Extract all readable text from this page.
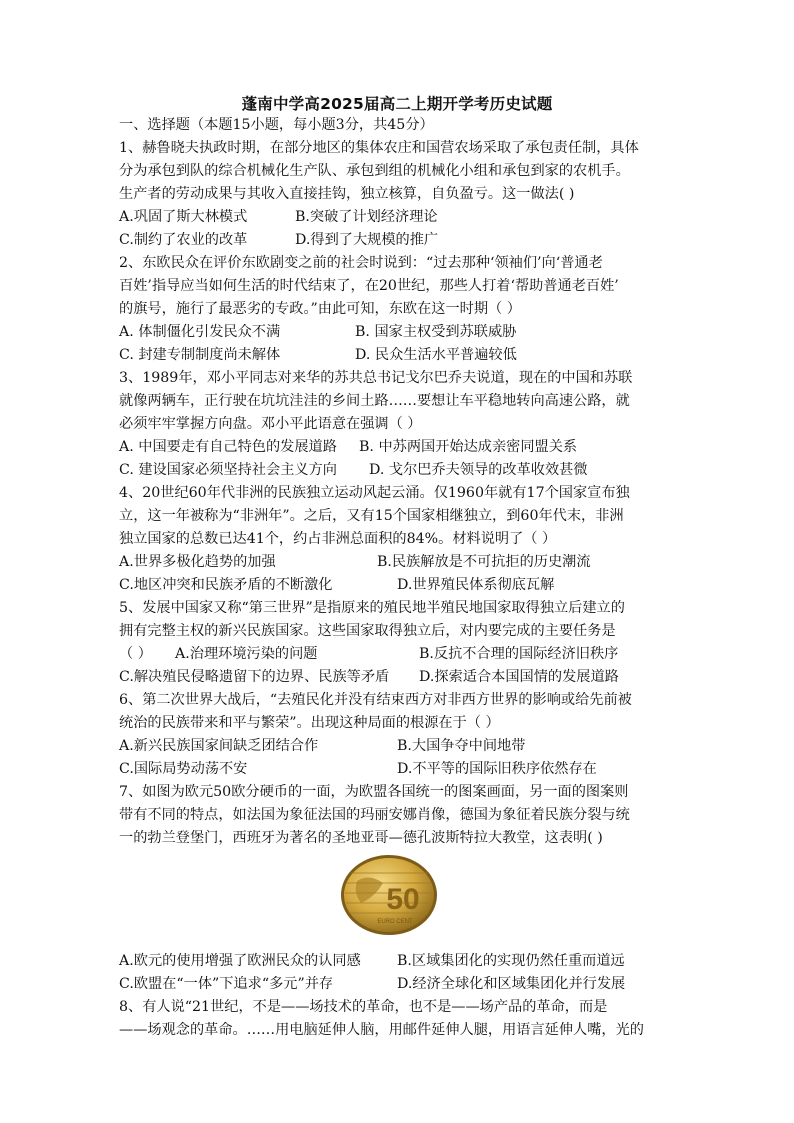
蓬南中学高2025届高二上期开学考历史试题
一、选择题（本题15小题，每小题3分，共45分）
1、赫鲁晓夫执政时期，在部分地区的集体农庄和国营农场采取了承包责任制，具体
分为承包到队的综合机械化生产队、承包到组的机械化小组和承包到家的农机手。
生产者的劳动成果与其收入直接挂钩，独立核算，自负盈亏。这一做法( )
A.巩固了斯大林模式	B.突破了计划经济理论
C.制约了农业的改革	D.得到了大规模的推广
2、东欧民众在评价东欧剧变之前的社会时说到：“过去那种‘领袖们’向‘普通老
百姓’指导应当如何生活的时代结束了，在20世纪，那些人打着‘帮助普通老百姓’
的旗号，施行了最恶劣的专政。”由此可知，东欧在这一时期（ ）
A. 体制僵化引发民众不满	B. 国家主权受到苏联威胁
C. 封建专制制度尚未解体	D. 民众生活水平普遍较低
3、1989年，邓小平同志对来华的苏共总书记戈尔巴乔夫说道，现在的中国和苏联
就像两辆车，正行驶在坑坑洼洼的乡间土路……要想让车平稳地转向高速公路，就
必须牢牢掌握方向盘。邓小平此语意在强调（ ）
A. 中国要走有自己特色的发展道路	B. 中苏两国开始达成亲密同盟关系
C. 建设国家必须坚持社会主义方向	D. 戈尔巴乔夫领导的改革收效甚微
4、20世纪60年代非洲的民族独立运动风起云涌。仅1960年就有17个国家宣布独
立，这一年被称为“非洲年”。之后，又有15个国家相继独立，到60年代末，非洲
独立国家的总数已达41个，约占非洲总面积的84%。材料说明了（ ）
A.世界多极化趋势的加强	B.民族解放是不可抗拒的历史潮流
C.地区冲突和民族矛盾的不断激化	D.世界殖民体系彻底瓦解
5、发展中国家又称“第三世界”是指原来的殖民地半殖民地国家取得独立后建立的
拥有完整主权的新兴民族国家。这些国家取得独立后，对内要完成的主要任务是
（ ）	A.治理环境污染的问题	B.反抗不合理的国际经济旧秩序
C.解决殖民侵略遗留下的边界、民族等矛盾	D.探索适合本国国情的发展道路
6、第二次世界大战后，“去殖民化并没有结束西方对非西方世界的影响或给先前被
统治的民族带来和平与繁荣”。出现这种局面的根源在于（ ）
A.新兴民族国家间缺乏团结合作	B.大国争夺中间地带
C.国际局势动荡不安	D.不平等的国际旧秩序依然存在
7、如图为欧元50欧分硬币的一面，为欧盟各国统一的图案画面，另一面的图案则
带有不同的特点，如法国为象征法国的玛丽安娜肖像，德国为象征着民族分裂与统
一的勃兰登堡门，西班牙为著名的圣地亚哥—德孔波斯特拉大教堂，这表明( )
50
EURO CENT
A.欧元的使用增强了欧洲民众的认同感	B.区域集团化的实现仍然任重而道远
C.欧盟在“一体”下追求“多元”并存	D.经济全球化和区域集团化并行发展
8、有人说“21世纪，不是——场技术的革命，也不是——场产品的革命，而是
——场观念的革命。……用电脑延伸人脑，用邮件延伸人腿，用语言延伸人嘴，光的
